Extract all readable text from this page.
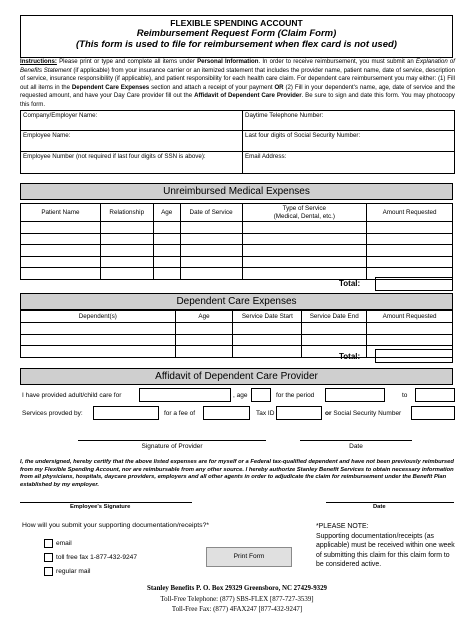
FLEXIBLE SPENDING ACCOUNT
Reimbursement Request Form (Claim Form)
(This form is used to file for reimbursement when flex card is not used)
Instructions: Please print or type and complete all items under Personal Information. In order to receive reimbursement, you must submit an Explanation of Benefits Statement (if applicable) from your insurance carrier or an itemized statement that includes the provider name, patient name, date of service, description of service, insurance responsibility (if applicable), and patient responsibility for each health care claim. For dependent care reimbursement you may either: (1) Fill out all items in the Dependent Care Expenses section and attach a receipt of your payment OR (2) Fill in your dependent's name, age, date of service and the requested amount, and have your Day Care provider fill out the Affidavit of Dependent Care Provider. Be sure to sign and date this form. You may photocopy this form.
Company/Employer Name:	Daytime Telephone Number:
Employee Name:	Last four digits of Social Security Number:
Employee Number (not required if last four digits of SSN is above):	Email Address:
Unreimbursed Medical Expenses
Patient Name	Relationship	Age	Date of Service	Type of Service
(Medical, Dental, etc.)	Amount Requested

Total:
Dependent Care Expenses
Dependent(s)	Age	Service Date Start	Service Date End	Amount Requested

Total:
Affidavit of Dependent Care Provider
I have provided adult/child care for	, age	for the period	to
Services provded by:	for a fee of	Tax ID	or Social Security Number
Signature of Provider	Date
I, the undersigned, hereby certify that the above listed expenses are for myself or a Federal tax-qualified dependent and have not been previously reimbursed from my Flexible Spending Account, nor are reimbursable from any other source. I hereby authorize Stanley Benefit Services to obtain necessary information from all physicians, hospitals, daycare providers, employers and all other agents in order to adjudicate the claim for reimbursement under the Benefit Plan established by my employer.
Employee's Signature	Date
How will you submit your supporting documentation/receipts?*
email
toll free fax 1-877-432-9247
regular mail
Print Form
*PLEASE NOTE:
Supporting documentation/receipts (as applicable) must be received within one week of submitting this claim for this claim form to be considered active.
Stanley Benefits P. O. Box 29329 Greensboro, NC 27429-9329
Toll-Free Telephone: (877) SBS-FLEX [877-727-3539]
Toll-Free Fax: (877) 4FAX247 [877-432-9247]
